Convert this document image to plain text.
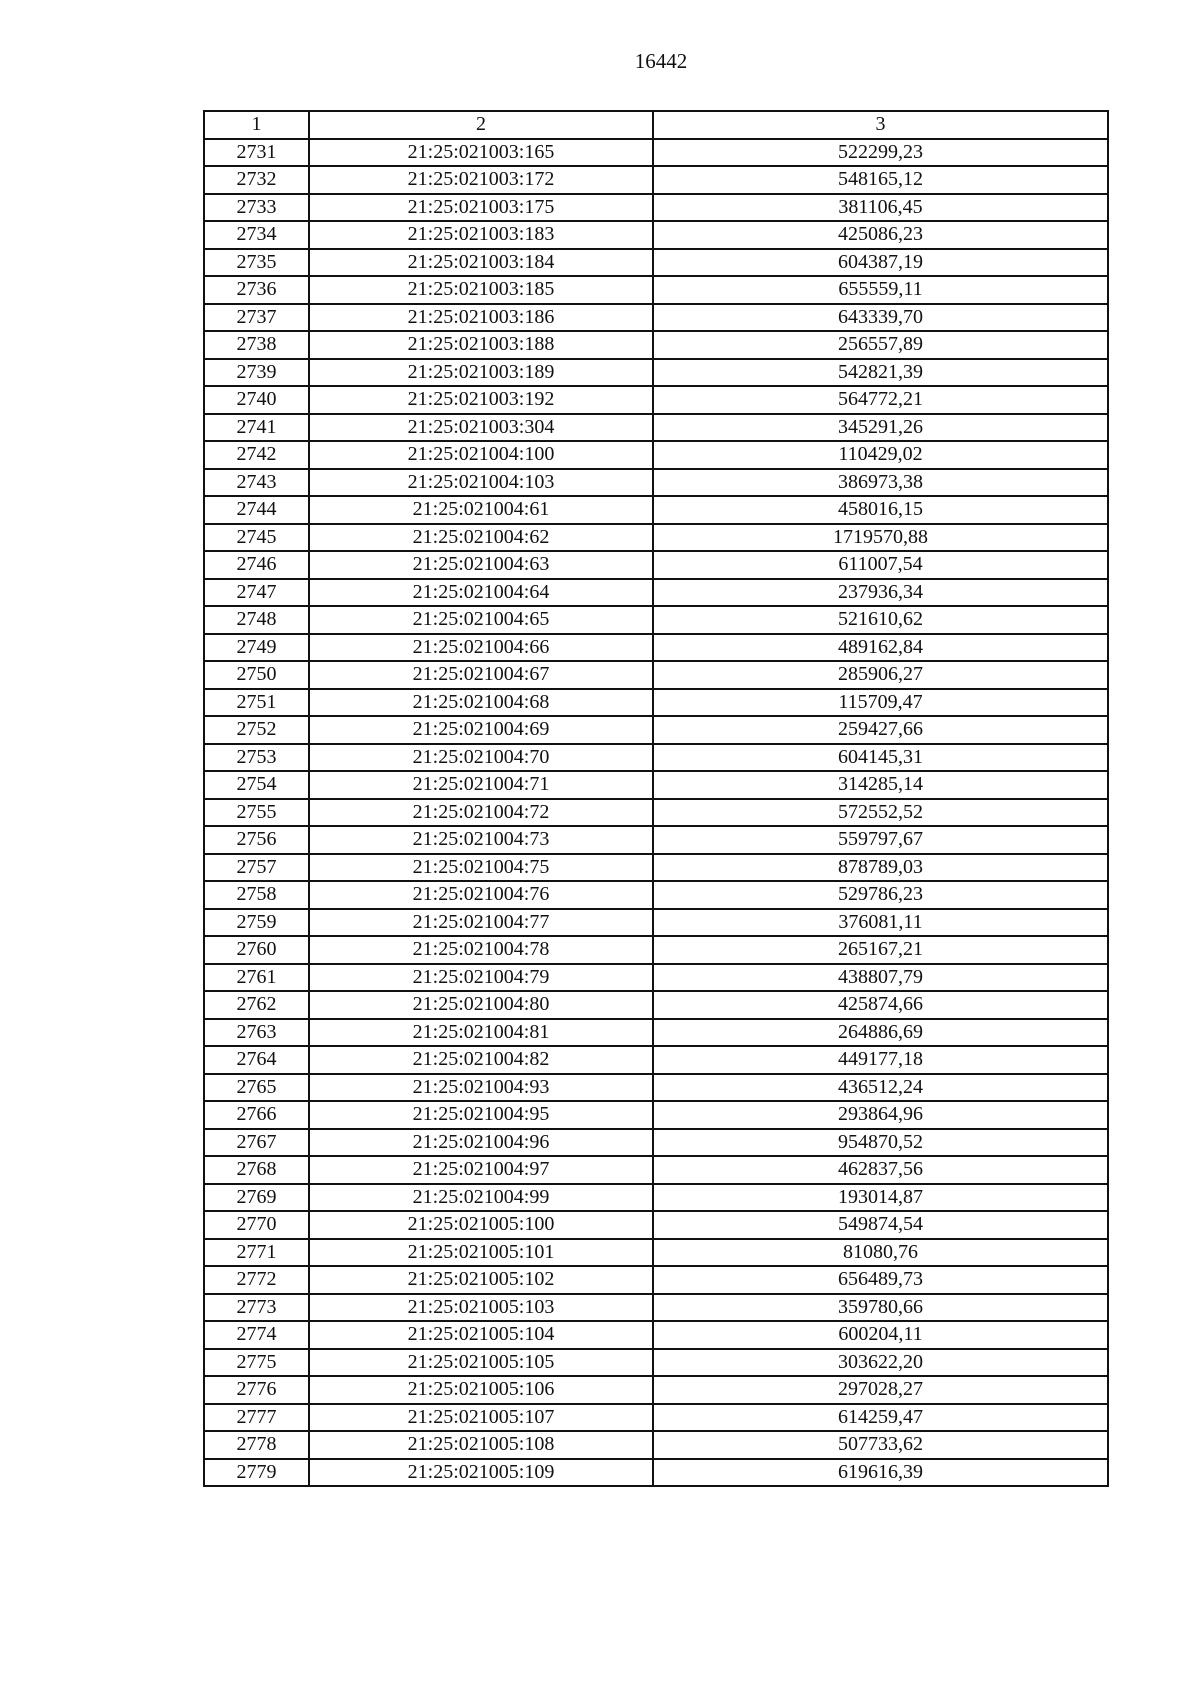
16442
1	2	3
2731	21:25:021003:165	522299,23
2732	21:25:021003:172	548165,12
2733	21:25:021003:175	381106,45
2734	21:25:021003:183	425086,23
2735	21:25:021003:184	604387,19
2736	21:25:021003:185	655559,11
2737	21:25:021003:186	643339,70
2738	21:25:021003:188	256557,89
2739	21:25:021003:189	542821,39
2740	21:25:021003:192	564772,21
2741	21:25:021003:304	345291,26
2742	21:25:021004:100	110429,02
2743	21:25:021004:103	386973,38
2744	21:25:021004:61	458016,15
2745	21:25:021004:62	1719570,88
2746	21:25:021004:63	611007,54
2747	21:25:021004:64	237936,34
2748	21:25:021004:65	521610,62
2749	21:25:021004:66	489162,84
2750	21:25:021004:67	285906,27
2751	21:25:021004:68	115709,47
2752	21:25:021004:69	259427,66
2753	21:25:021004:70	604145,31
2754	21:25:021004:71	314285,14
2755	21:25:021004:72	572552,52
2756	21:25:021004:73	559797,67
2757	21:25:021004:75	878789,03
2758	21:25:021004:76	529786,23
2759	21:25:021004:77	376081,11
2760	21:25:021004:78	265167,21
2761	21:25:021004:79	438807,79
2762	21:25:021004:80	425874,66
2763	21:25:021004:81	264886,69
2764	21:25:021004:82	449177,18
2765	21:25:021004:93	436512,24
2766	21:25:021004:95	293864,96
2767	21:25:021004:96	954870,52
2768	21:25:021004:97	462837,56
2769	21:25:021004:99	193014,87
2770	21:25:021005:100	549874,54
2771	21:25:021005:101	81080,76
2772	21:25:021005:102	656489,73
2773	21:25:021005:103	359780,66
2774	21:25:021005:104	600204,11
2775	21:25:021005:105	303622,20
2776	21:25:021005:106	297028,27
2777	21:25:021005:107	614259,47
2778	21:25:021005:108	507733,62
2779	21:25:021005:109	619616,39
